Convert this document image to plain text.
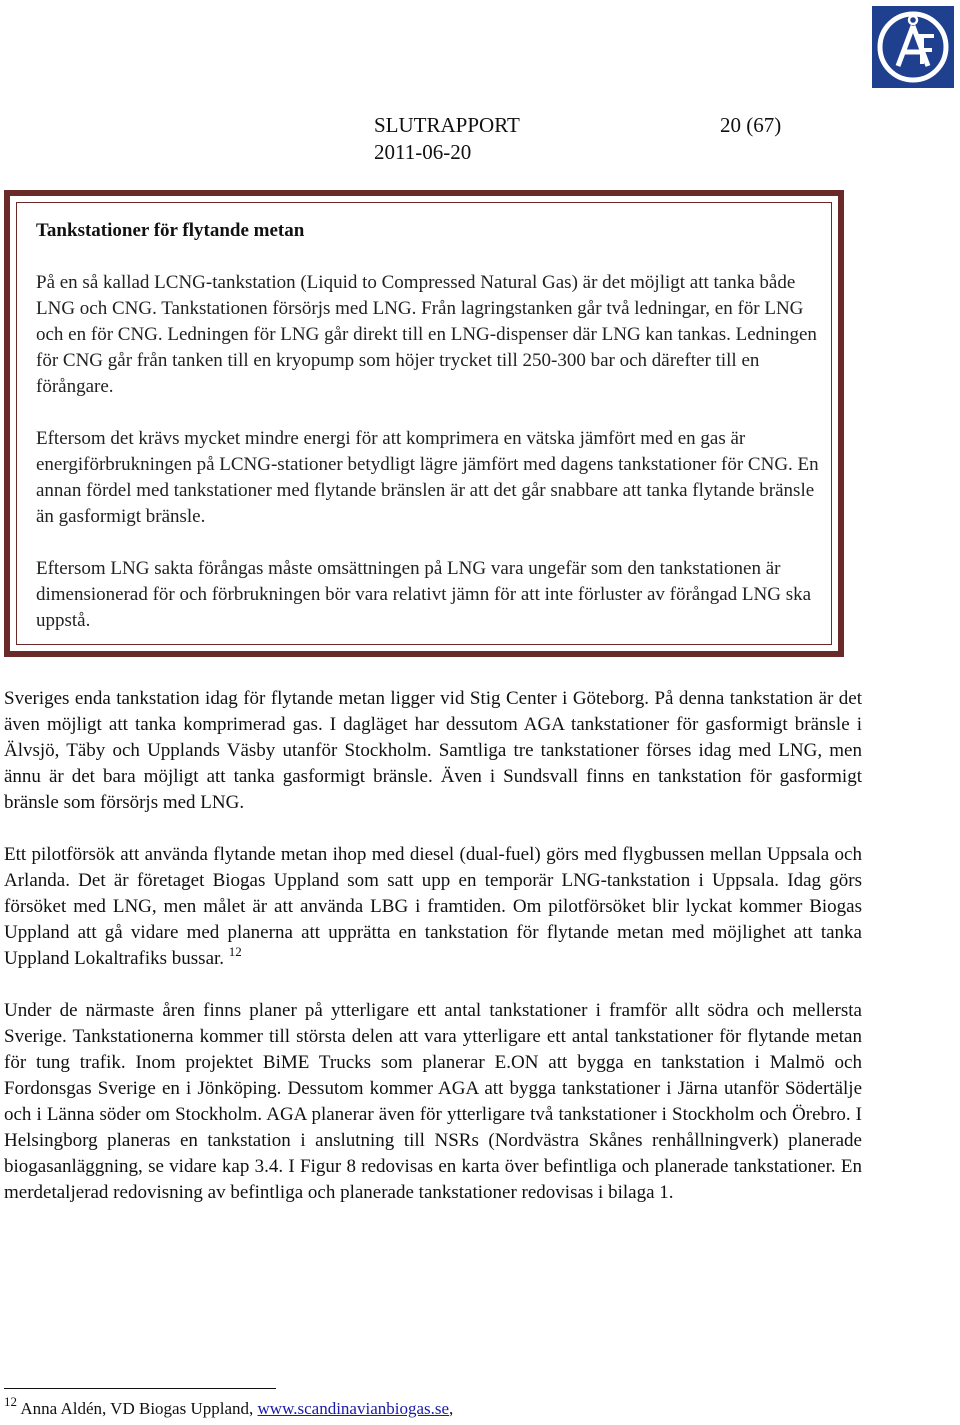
SLUTRAPPORT
2011-06-20
20 (67)
Tankstationer för flytande metan

På en så kallad LCNG-tankstation (Liquid to Compressed Natural Gas) är det möjligt att tanka både LNG och CNG. Tankstationen försörjs med LNG. Från lagringstanken går två ledningar, en för LNG och en för CNG. Ledningen för LNG går direkt till en LNG-dispenser där LNG kan tankas. Ledningen för CNG går från tanken till en kryopump som höjer trycket till 250-300 bar och därefter till en förångare.

Eftersom det krävs mycket mindre energi för att komprimera en vätska jämfört med en gas är energiförbrukningen på LCNG-stationer betydligt lägre jämfört med dagens tankstationer för CNG. En annan fördel med tankstationer med flytande bränslen är att det går snabbare att tanka flytande bränsle än gasformigt bränsle.

Eftersom LNG sakta förångas måste omsättningen på LNG vara ungefär som den tankstationen är dimensionerad för och förbrukningen bör vara relativt jämn för att inte förluster av förångad LNG ska uppstå.

Sveriges enda tankstation idag för flytande metan ligger vid Stig Center i Göteborg. På denna tankstation är det även möjligt att tanka komprimerad gas. I dagläget har dessutom AGA tankstationer för gasformigt bränsle i Älvsjö, Täby och Upplands Väsby utanför Stockholm. Samtliga tre tankstationer förses idag med LNG, men ännu är det bara möjligt att tanka gasformigt bränsle. Även i Sundsvall finns en tankstation för gasformigt bränsle som försörjs med LNG.

Ett pilotförsök att använda flytande metan ihop med diesel (dual-fuel) görs med flygbussen mellan Uppsala och Arlanda. Det är företaget Biogas Uppland som satt upp en temporär LNG-tankstation i Uppsala. Idag görs försöket med LNG, men målet är att använda LBG i framtiden. Om pilotförsöket blir lyckat kommer Biogas Uppland att gå vidare med planerna att upprätta en tankstation för flytande metan med möjlighet att tanka Uppland Lokaltrafiks bussar. $^{12}$

Under de närmaste åren finns planer på ytterligare ett antal tankstationer i framför allt södra och mellersta Sverige. Tankstationerna kommer till största delen att vara ytterligare ett antal tankstationer för flytande metan för tung trafik. Inom projektet BiME Trucks som planerar E.ON att bygga en tankstation i Malmö och Fordonsgas Sverige en i Jönköping. Dessutom kommer AGA att bygga tankstationer i Järna utanför Södertälje och i Länna söder om Stockholm. AGA planerar även för ytterligare två tankstationer i Stockholm och Örebro. I Helsingborg planeras en tankstation i anslutning till NSRs (Nordvästra Skånes renhållningverk) planerade biogasanläggning, se vidare kap 3.4. I Figur 8 redovisas en karta över befintliga och planerade tankstationer. En merdetaljerad redovisning av befintliga och planerade tankstationer redovisas i bilaga 1.

$^{12}$ Anna Aldén, VD Biogas Uppland, www.scandinavianbiogas.se,
